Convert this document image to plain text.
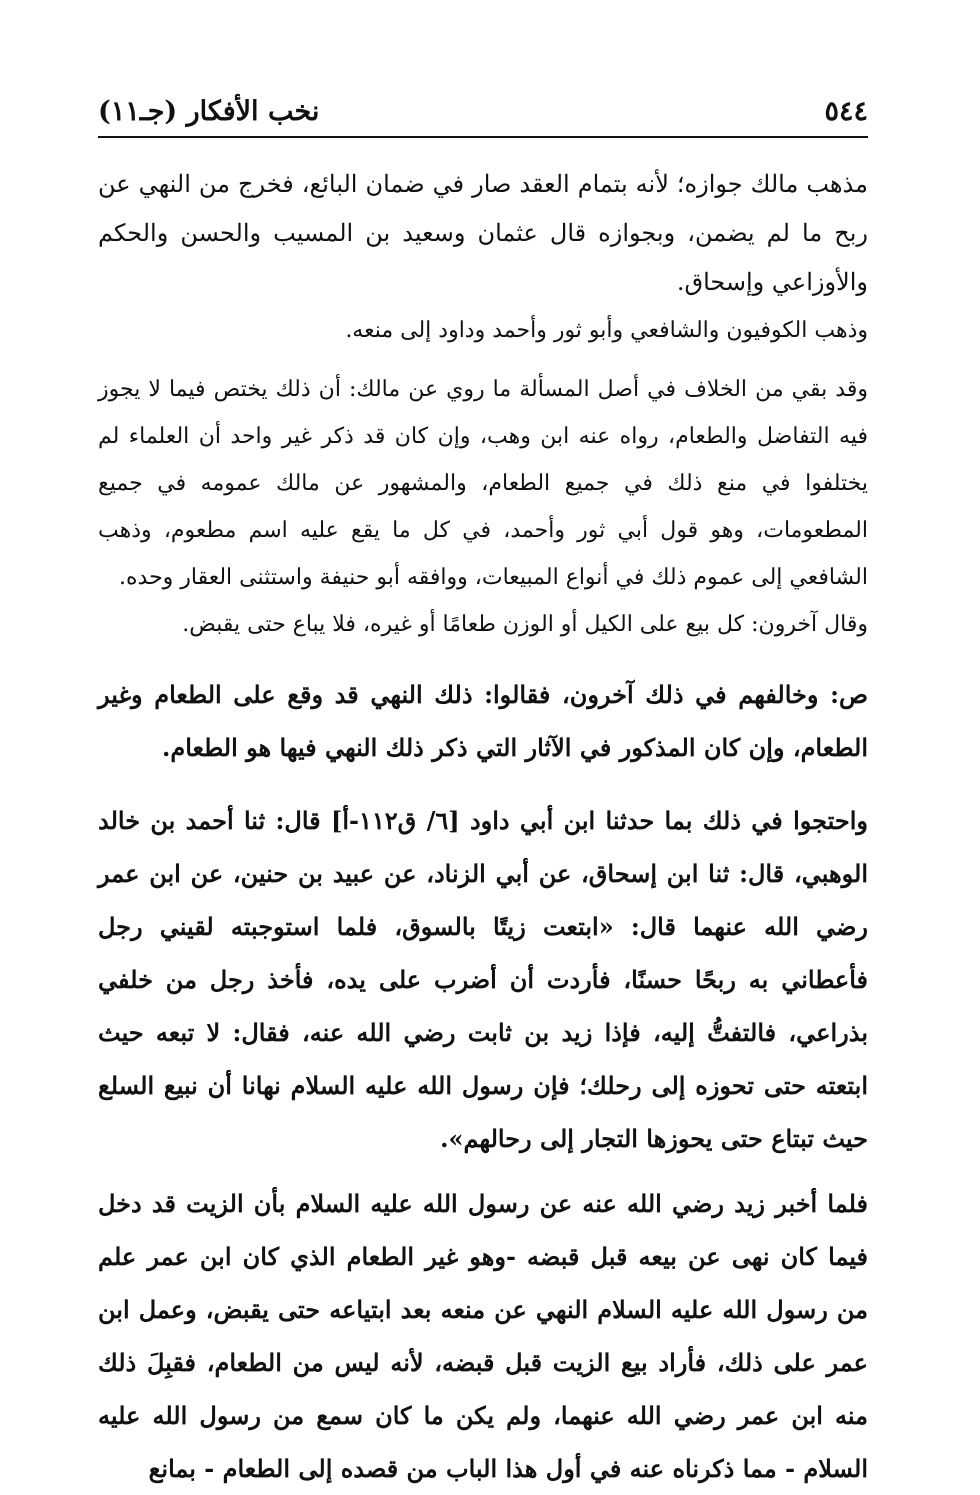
٥٤٤
نخب الأفكار (جـ١١)

مذهب مالك جوازه؛ لأنه بتمام العقد صار في ضمان البائع، فخرج من النهي عن ربح ما لم يضمن، وبجوازه قال عثمان وسعيد بن المسيب والحسن والحكم والأوزاعي وإسحاق.

وذهب الكوفيون والشافعي وأبو ثور وأحمد وداود إلى منعه.

وقد بقي من الخلاف في أصل المسألة ما روي عن مالك: أن ذلك يختص فيما لا يجوز فيه التفاضل والطعام، رواه عنه ابن وهب، وإن كان قد ذكر غير واحد أن العلماء لم يختلفوا في منع ذلك في جميع الطعام، والمشهور عن مالك عمومه في جميع المطعومات، وهو قول أبي ثور وأحمد، في كل ما يقع عليه اسم مطعوم، وذهب الشافعي إلى عموم ذلك في أنواع المبيعات، ووافقه أبو حنيفة واستثنى العقار وحده.

وقال آخرون: كل بيع على الكيل أو الوزن طعامًا أو غيره، فلا يباع حتى يقبض.

ص: وخالفهم في ذلك آخرون، فقالوا: ذلك النهي قد وقع على الطعام وغير الطعام، وإن كان المذكور في الآثار التي ذكر ذلك النهي فيها هو الطعام.

واحتجوا في ذلك بما حدثنا ابن أبي داود [٦/ ق١١٢-أ] قال: ثنا أحمد بن خالد الوهبي، قال: ثنا ابن إسحاق، عن أبي الزناد، عن عبيد بن حنين، عن ابن عمر رضي الله عنهما قال: «ابتعت زيتًا بالسوق، فلما استوجبته لقيني رجل فأعطاني به ربحًا حسنًا، فأردت أن أضرب على يده، فأخذ رجل من خلفي بذراعي، فالتفتُّ إليه، فإذا زيد بن ثابت رضي الله عنه، فقال: لا تبعه حيث ابتعته حتى تحوزه إلى رحلك؛ فإن رسول الله عليه السلام نهانا أن نبيع السلع حيث تبتاع حتى يحوزها التجار إلى رحالهم».

فلما أخبر زيد رضي الله عنه عن رسول الله عليه السلام بأن الزيت قد دخل فيما كان نهى عن بيعه قبل قبضه -وهو غير الطعام الذي كان ابن عمر علم من رسول الله عليه السلام النهي عن منعه بعد ابتياعه حتى يقبض، وعمل ابن عمر على ذلك، فأراد بيع الزيت قبل قبضه، لأنه ليس من الطعام، فقبِلَ ذلك منه ابن عمر رضي الله عنهما، ولم يكن ما كان سمع من رسول الله عليه السلام - مما ذكرناه عنه في أول هذا الباب من قصده إلى الطعام - بمانع
